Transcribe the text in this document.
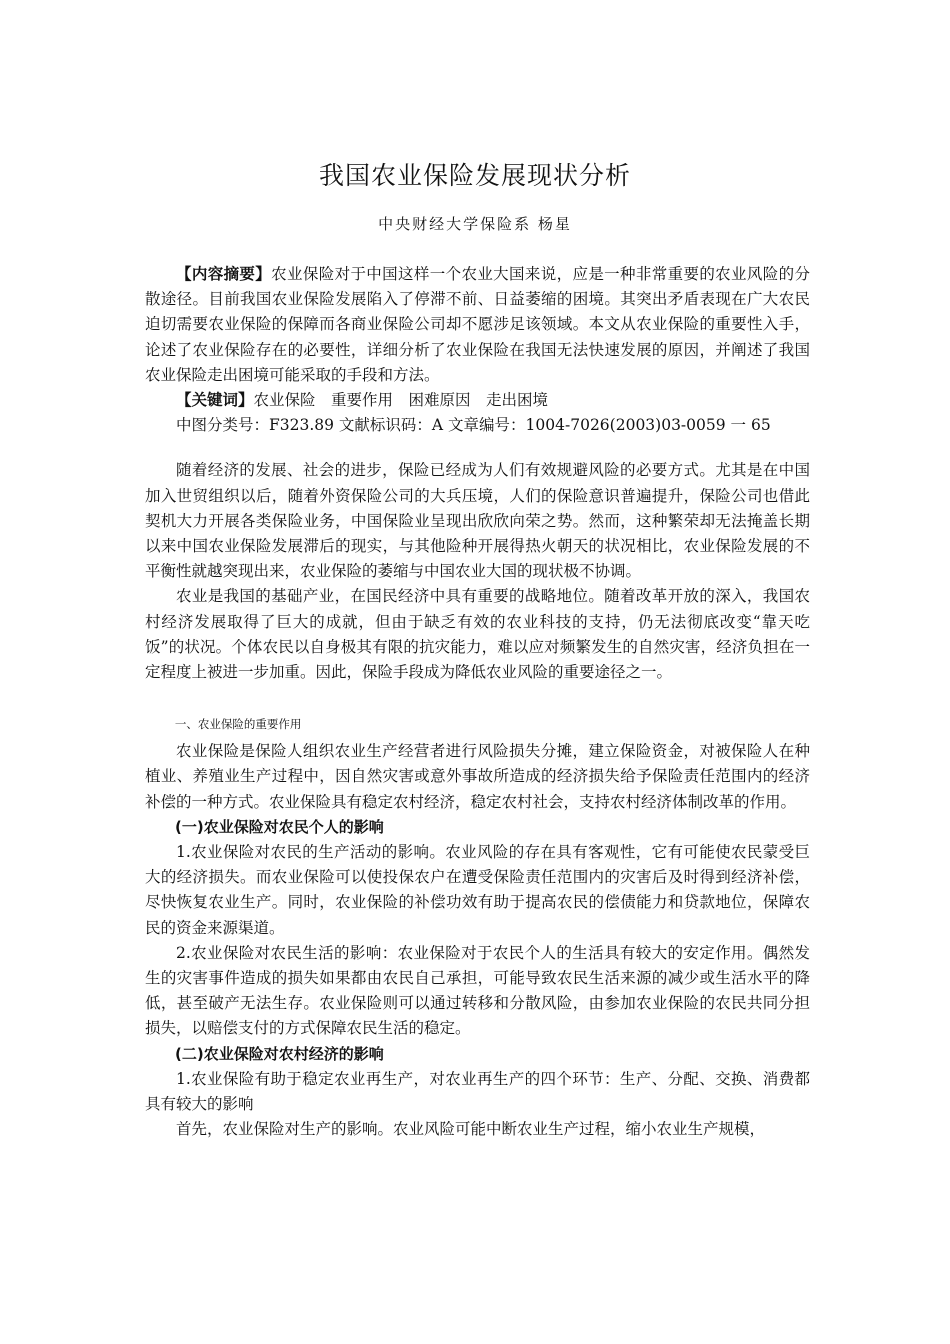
我国农业保险发展现状分析
中央财经大学保险系 杨星

【内容摘要】农业保险对于中国这样一个农业大国来说，应是一种非常重要的农业风险的分散途径。目前我国农业保险发展陷入了停滞不前、日益萎缩的困境。其突出矛盾表现在广大农民迫切需要农业保险的保障而各商业保险公司却不愿涉足该领域。本文从农业保险的重要性入手，论述了农业保险存在的必要性，详细分析了农业保险在我国无法快速发展的原因，并阐述了我国农业保险走出困境可能采取的手段和方法。

【关键词】农业保险　重要作用　困难原因　走出困境

中图分类号：F323.89 文献标识码：A 文章编号：1004-7026(2003)03-0059 一 65

随着经济的发展、社会的进步，保险已经成为人们有效规避风险的必要方式。尤其是在中国加入世贸组织以后，随着外资保险公司的大兵压境，人们的保险意识普遍提升，保险公司也借此契机大力开展各类保险业务，中国保险业呈现出欣欣向荣之势。然而，这种繁荣却无法掩盖长期以来中国农业保险发展滞后的现实，与其他险种开展得热火朝天的状况相比，农业保险发展的不平衡性就越突现出来，农业保险的萎缩与中国农业大国的现状极不协调。

农业是我国的基础产业，在国民经济中具有重要的战略地位。随着改革开放的深入，我国农村经济发展取得了巨大的成就，但由于缺乏有效的农业科技的支持，仍无法彻底改变“靠天吃饭”的状况。个体农民以自身极其有限的抗灾能力，难以应对频繁发生的自然灾害，经济负担在一定程度上被进一步加重。因此，保险手段成为降低农业风险的重要途径之一。

一、农业保险的重要作用

农业保险是保险人组织农业生产经营者进行风险损失分摊，建立保险资金，对被保险人在种植业、养殖业生产过程中，因自然灾害或意外事故所造成的经济损失给予保险责任范围内的经济补偿的一种方式。农业保险具有稳定农村经济，稳定农村社会，支持农村经济体制改革的作用。

(一)农业保险对农民个人的影响

1.农业保险对农民的生产活动的影响。农业风险的存在具有客观性，它有可能使农民蒙受巨大的经济损失。而农业保险可以使投保农户在遭受保险责任范围内的灾害后及时得到经济补偿，尽快恢复农业生产。同时，农业保险的补偿功效有助于提高农民的偿债能力和贷款地位，保障农民的资金来源渠道。

2.农业保险对农民生活的影响：农业保险对于农民个人的生活具有较大的安定作用。偶然发生的灾害事件造成的损失如果都由农民自己承担，可能导致农民生活来源的减少或生活水平的降低，甚至破产无法生存。农业保险则可以通过转移和分散风险，由参加农业保险的农民共同分担损失，以赔偿支付的方式保障农民生活的稳定。

(二)农业保险对农村经济的影响

1.农业保险有助于稳定农业再生产，对农业再生产的四个环节：生产、分配、交换、消费都具有较大的影响

首先，农业保险对生产的影响。农业风险可能中断农业生产过程，缩小农业生产规模，
